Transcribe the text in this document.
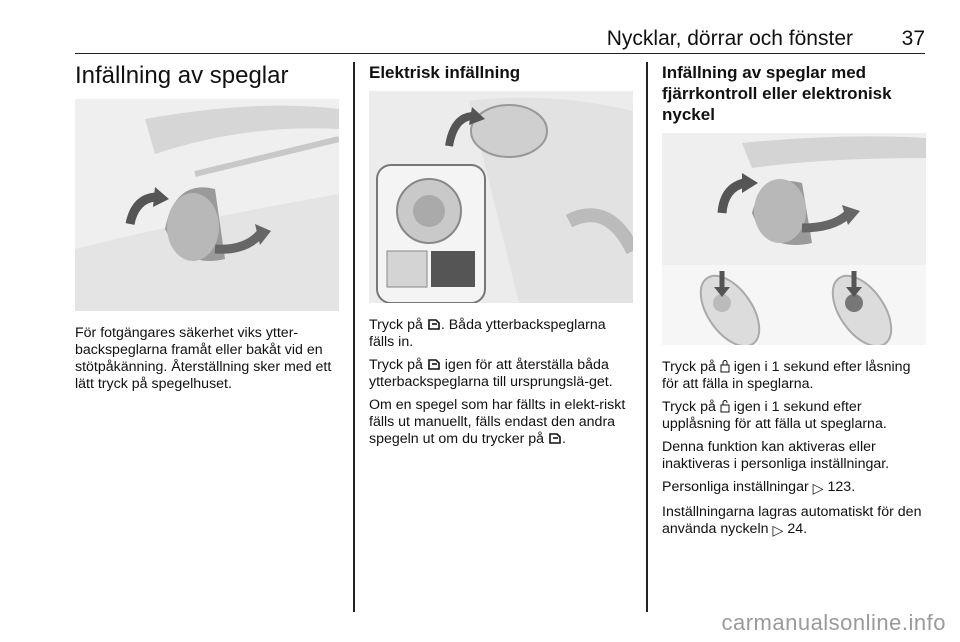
Nycklar, dörrar och fönster 37
Infällning av speglar

För fotgängares säkerhet viks ytter-backspeglarna framåt eller bakåt vid en stötpåkänning. Återställning sker med ett lätt tryck på spegelhuset.

Elektrisk infällning

Tryck på . Båda ytterbackspeglarna fälls in.

Tryck på igen för att återställa båda ytterbackspeglarna till ursprungslä-get.

Om en spegel som har fällts in elekt-riskt fälls ut manuellt, fälls endast den andra spegeln ut om du trycker på .

Infällning av speglar med fjärrkontroll eller elektronisk nyckel

Tryck på igen i 1 sekund efter låsning för att fälla in speglarna.

Tryck på igen i 1 sekund efter upplåsning för att fälla ut speglarna.

Denna funktion kan aktiveras eller inaktiveras i personliga inställningar.

Personliga inställningar ▷ 123.

Inställningarna lagras automatiskt för den använda nyckeln ▷ 24.

carmanualsonline.info
